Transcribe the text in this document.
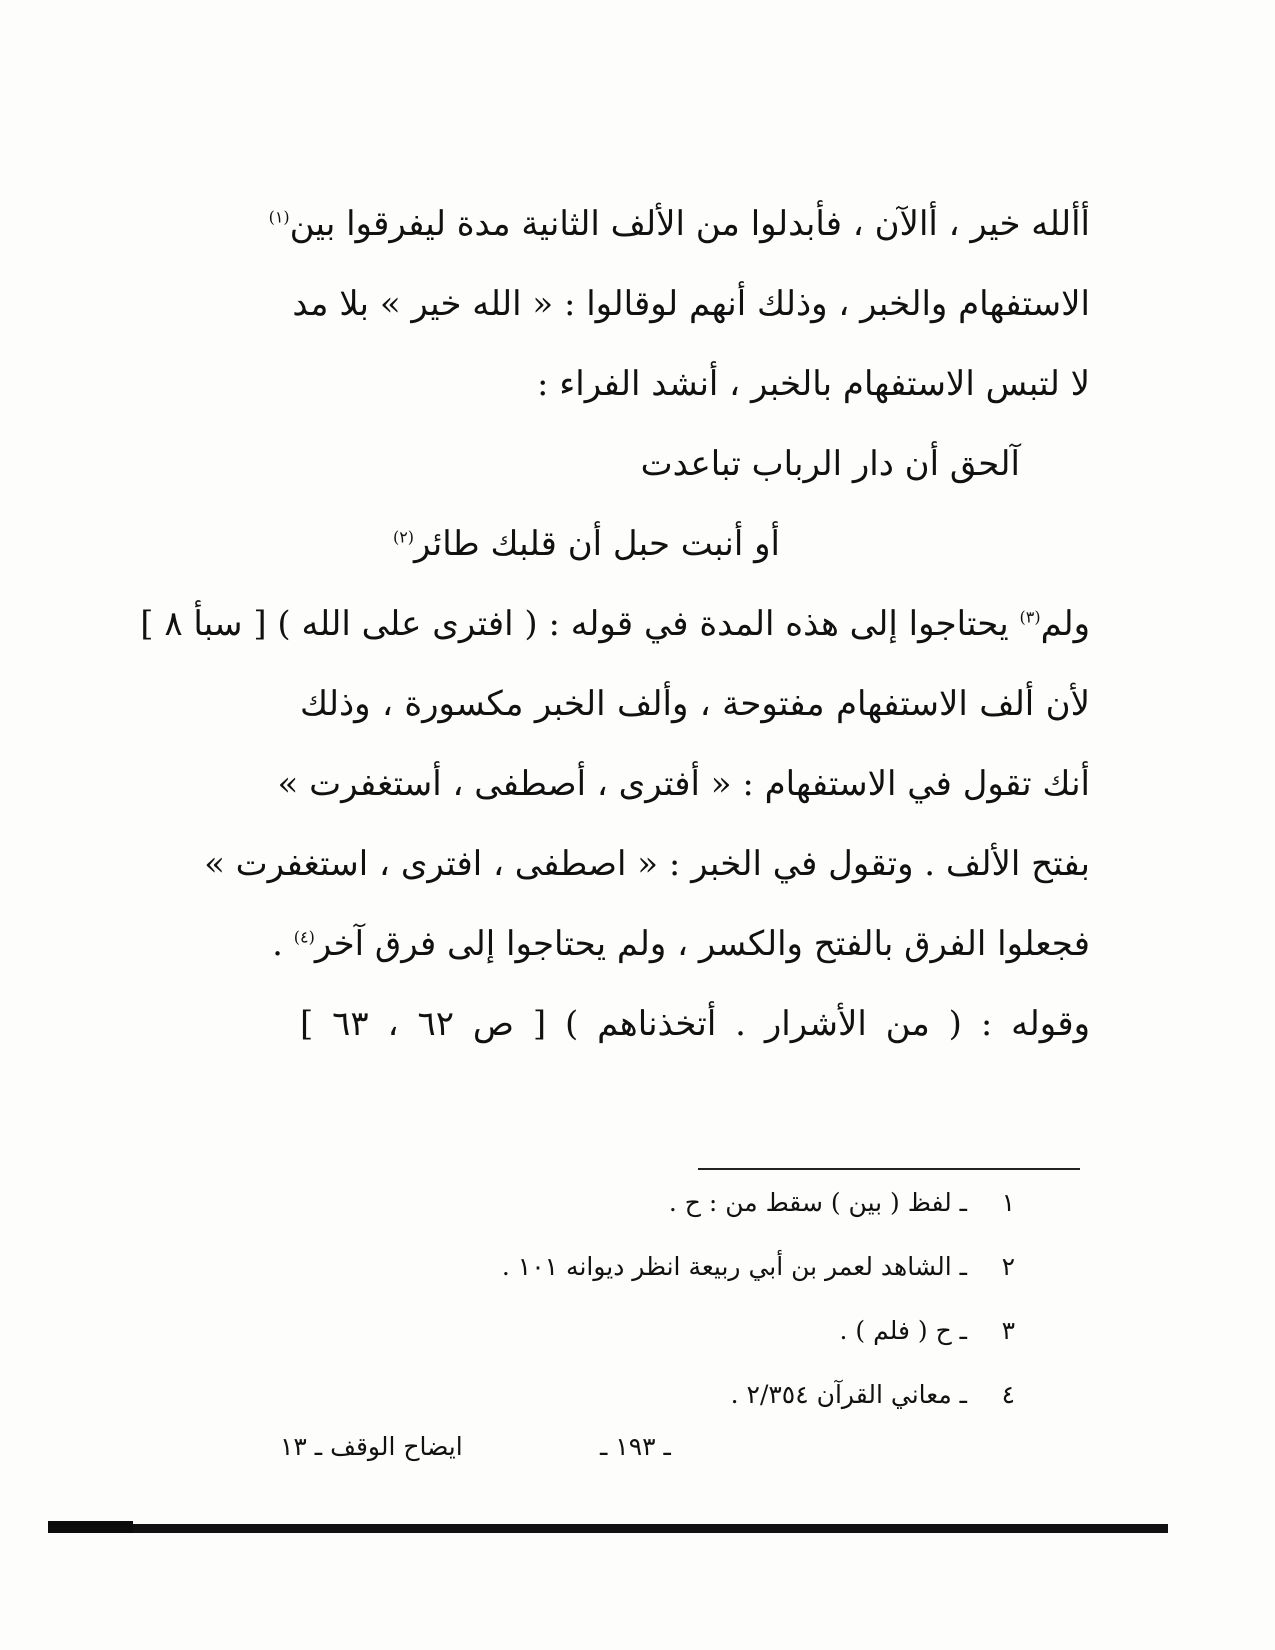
أألله خير ، أالآن ، فأبدلوا من الألف الثانية مدة ليفرقوا بين$^{(١)}$
الاستفهام والخبر ، وذلك أنهم لوقالوا : « الله خير » بلا مد
لا لتبس الاستفهام بالخبر ، أنشد الفراء :
آلحق أن دار الرباب تباعدت
أو أنبت حبل أن قلبك طائر$^{(٢)}$
ولم$^{(٣)}$ يحتاجوا إلى هذه المدة في قوله : ( افترى على الله ) [ سبأ ٨ ]
لأن ألف الاستفهام مفتوحة ، وألف الخبر مكسورة ، وذلك
أنك تقول في الاستفهام : « أفترى ، أصطفى ، أستغفرت »
بفتح الألف . وتقول في الخبر : « اصطفى ، افترى ، استغفرت »
فجعلوا الفرق بالفتح والكسر ، ولم يحتاجوا إلى فرق آخر$^{(٤)}$ .
وقوله : ( من الأشرار . أتخذناهم ) [ ص ٦٢ ، ٦٣ ]
١ـ لفظ ( بين ) سقط من : ح .
٢ـ الشاهد لعمر بن أبي ربيعة انظر ديوانه ١٠١ .
٣ـ ح ( فلم ) .
٤ـ معاني القرآن ٢/٣٥٤ .
ايضاح الوقف ـ ١٣	ـ ١٩٣ ـ
